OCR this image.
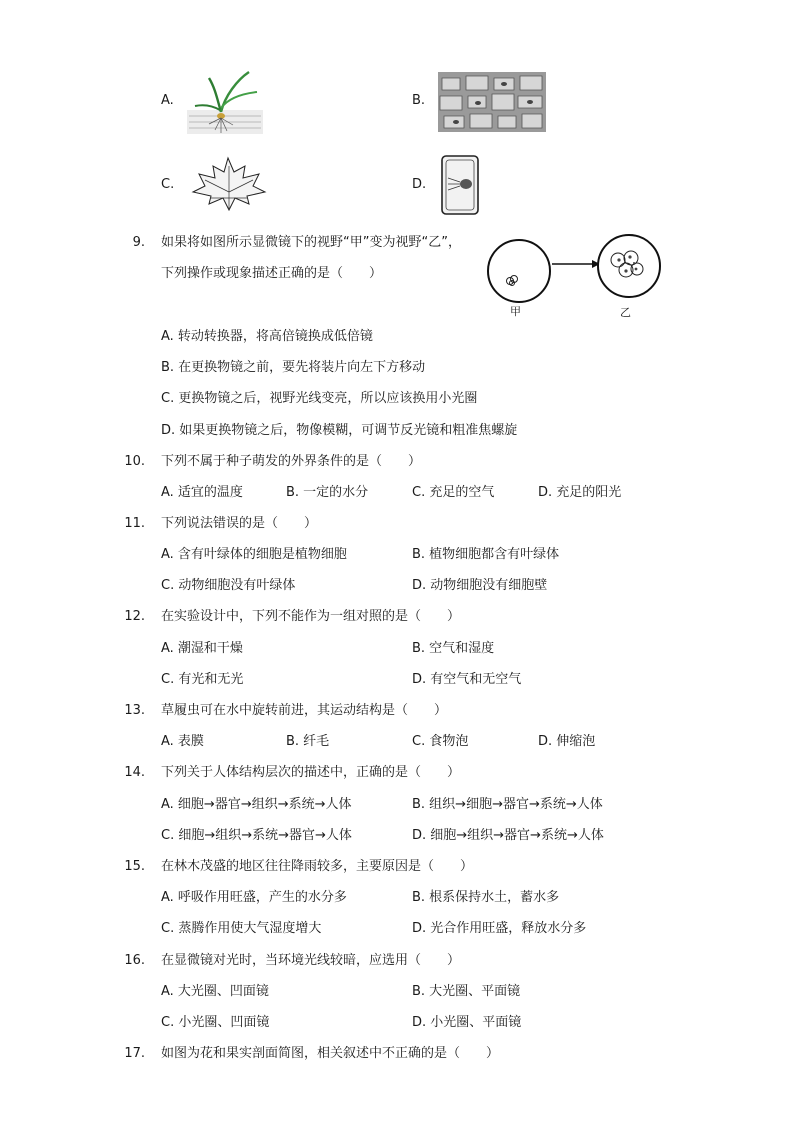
A.	B.
C.	D.
9. 如果将如图所示显微镜下的视野“甲”变为视野“乙”，
下列操作或现象描述正确的是（　　）
甲	乙
A. 转动转换器，将高倍镜换成低倍镜
B. 在更换物镜之前，要先将装片向左下方移动
C. 更换物镜之后，视野光线变亮，所以应该换用小光圈
D. 如果更换物镜之后，物像模糊，可调节反光镜和粗准焦螺旋
10. 下列不属于种子萌发的外界条件的是（　　）
A. 适宜的温度	B. 一定的水分	C. 充足的空气	D. 充足的阳光
11. 下列说法错误的是（　　）
A. 含有叶绿体的细胞是植物细胞	B. 植物细胞都含有叶绿体
C. 动物细胞没有叶绿体	D. 动物细胞没有细胞壁
12. 在实验设计中，下列不能作为一组对照的是（　　）
A. 潮湿和干燥	B. 空气和湿度
C. 有光和无光	D. 有空气和无空气
13. 草履虫可在水中旋转前进，其运动结构是（　　）
A. 表膜	B. 纤毛	C. 食物泡	D. 伸缩泡
14. 下列关于人体结构层次的描述中，正确的是（　　）
A. 细胞→器官→组织→系统→人体	B. 组织→细胞→器官→系统→人体
C. 细胞→组织→系统→器官→人体	D. 细胞→组织→器官→系统→人体
15. 在林木茂盛的地区往往降雨较多，主要原因是（　　）
A. 呼吸作用旺盛，产生的水分多	B. 根系保持水土，蓄水多
C. 蒸腾作用使大气湿度增大	D. 光合作用旺盛，释放水分多
16. 在显微镜对光时，当环境光线较暗，应选用（　　）
A. 大光圈、凹面镜	B. 大光圈、平面镜
C. 小光圈、凹面镜	D. 小光圈、平面镜
17. 如图为花和果实剖面简图，相关叙述中不正确的是（　　）
